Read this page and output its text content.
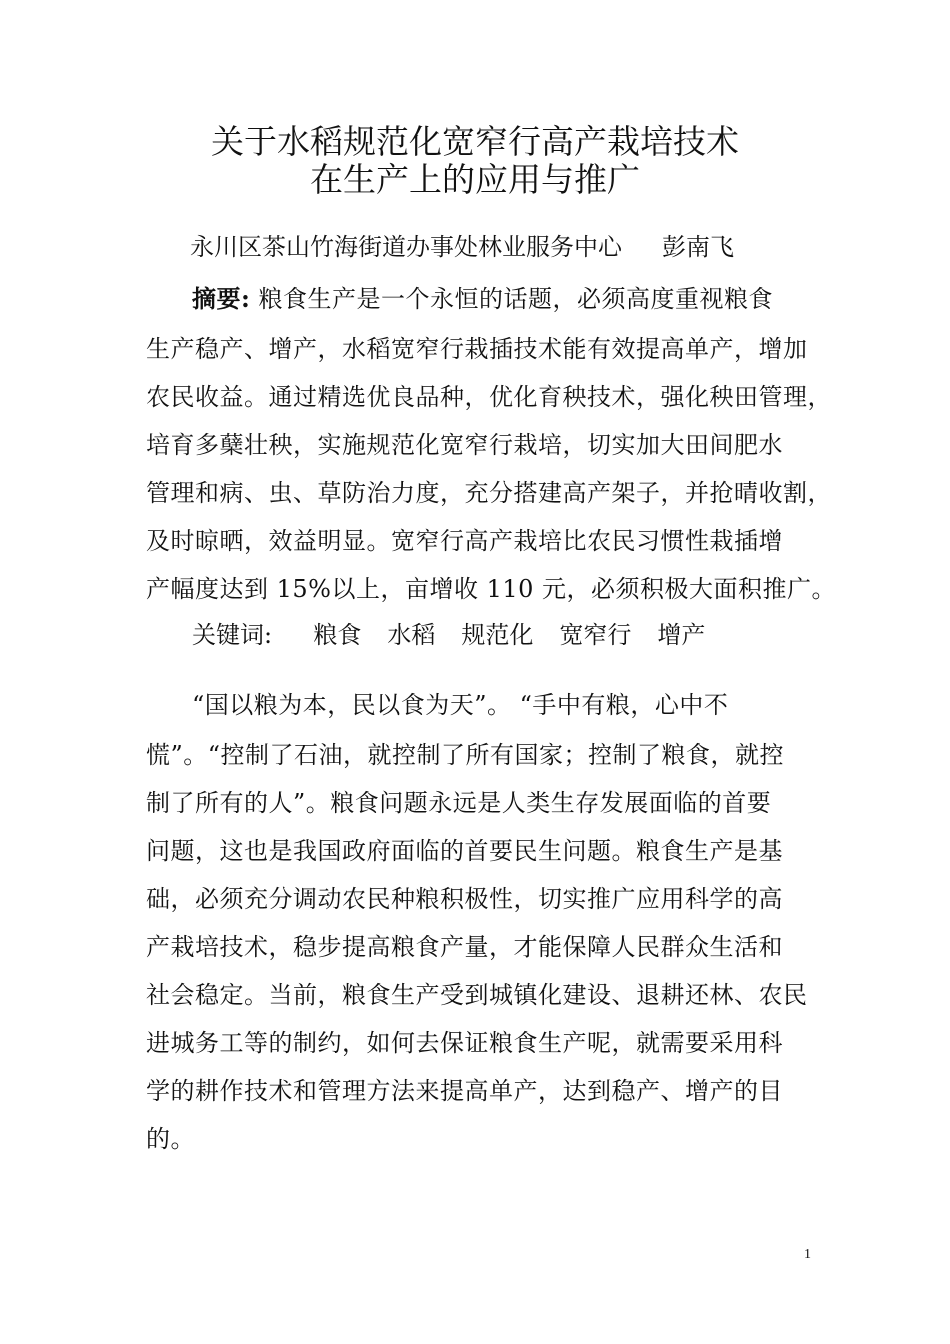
关于水稻规范化宽窄行高产栽培技术
在生产上的应用与推广
永川区茶山竹海街道办事处林业服务中心 彭南飞
摘要: 粮食生产是一个永恒的话题，必须高度重视粮食
生产稳产、增产，水稻宽窄行栽插技术能有效提高单产，增加
农民收益。通过精选优良品种，优化育秧技术，强化秧田管理，
培育多蘖壮秧，实施规范化宽窄行栽培，切实加大田间肥水
管理和病、虫、草防治力度，充分搭建高产架子，并抢晴收割，
及时晾晒，效益明显。宽窄行高产栽培比农民习惯性栽插增
产幅度达到 15%以上，亩增收 110 元，必须积极大面积推广。
关键词: 粮食 水稻 规范化 宽窄行 增产
“国以粮为本，民以食为天”。 “手中有粮，心中不
慌”。“控制了石油，就控制了所有国家；控制了粮食，就控
制了所有的人”。粮食问题永远是人类生存发展面临的首要
问题，这也是我国政府面临的首要民生问题。粮食生产是基
础，必须充分调动农民种粮积极性，切实推广应用科学的高
产栽培技术，稳步提高粮食产量，才能保障人民群众生活和
社会稳定。当前，粮食生产受到城镇化建设、退耕还林、农民
进城务工等的制约，如何去保证粮食生产呢，就需要采用科
学的耕作技术和管理方法来提高单产，达到稳产、增产的目
的。
1
